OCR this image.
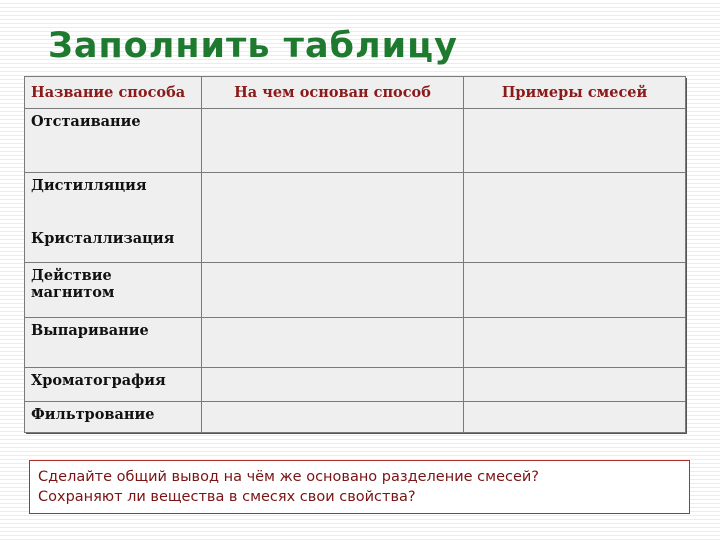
Заполнить таблицу
Название способа	На чем основан способ	Примеры смесей
Отстаивание		

Дистилляция
Кристаллизация		

Действие магнитом		
Выпаривание		
Хроматография		
Фильтрование		
Сделайте общий вывод на чём же основано разделение смесей?
Сохраняют ли вещества в смесях свои свойства?
